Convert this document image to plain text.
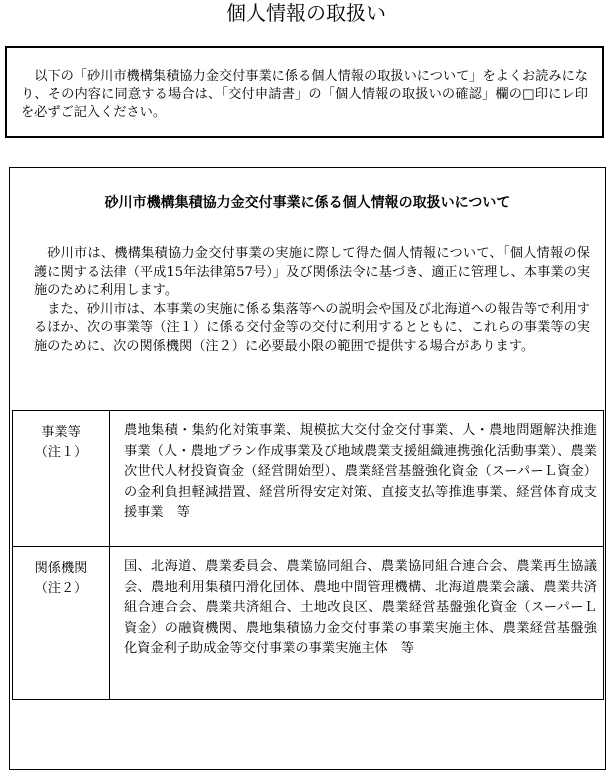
個人情報の取扱い

以下の「砂川市機構集積協力金交付事業に係る個人情報の取扱いについて」をよくお読みになり、その内容に同意する場合は、「交付申請書」の「個人情報の取扱いの確認」欄の□印にレ印を必ずご記入ください。

砂川市機構集積協力金交付事業に係る個人情報の取扱いについて

砂川市は、機構集積協力金交付事業の実施に際して得た個人情報について、「個人情報の保護に関する法律（平成15年法律第57号）」及び関係法令に基づき、適正に管理し、本事業の実施のために利用します。

また、砂川市は、本事業の実施に係る集落等への説明会や国及び北海道への報告等で利用するほか、次の事業等（注１）に係る交付金等の交付に利用するとともに、これらの事業等の実施のために、次の関係機関（注２）に必要最小限の範囲で提供する場合があります。

事業等
（注１）	農地集積・集約化対策事業、規模拡大交付金交付事業、人・農地問題解決推進事業（人・農地プラン作成事業及び地域農業支援組織連携強化活動事業）、農業次世代人材投資資金（経営開始型）、農業経営基盤強化資金（スーパーＬ資金）の金利負担軽減措置、経営所得安定対策、直接支払等推進事業、経営体育成支援事業　等

関係機関
（注２）	国、北海道、農業委員会、農業協同組合、農業協同組合連合会、農業再生協議会、農地利用集積円滑化団体、農地中間管理機構、北海道農業会議、農業共済組合連合会、農業共済組合、土地改良区、農業経営基盤強化資金（スーパーＬ資金）の融資機関、農地集積協力金交付事業の事業実施主体、農業経営基盤強化資金利子助成金等交付事業の事業実施主体　等
